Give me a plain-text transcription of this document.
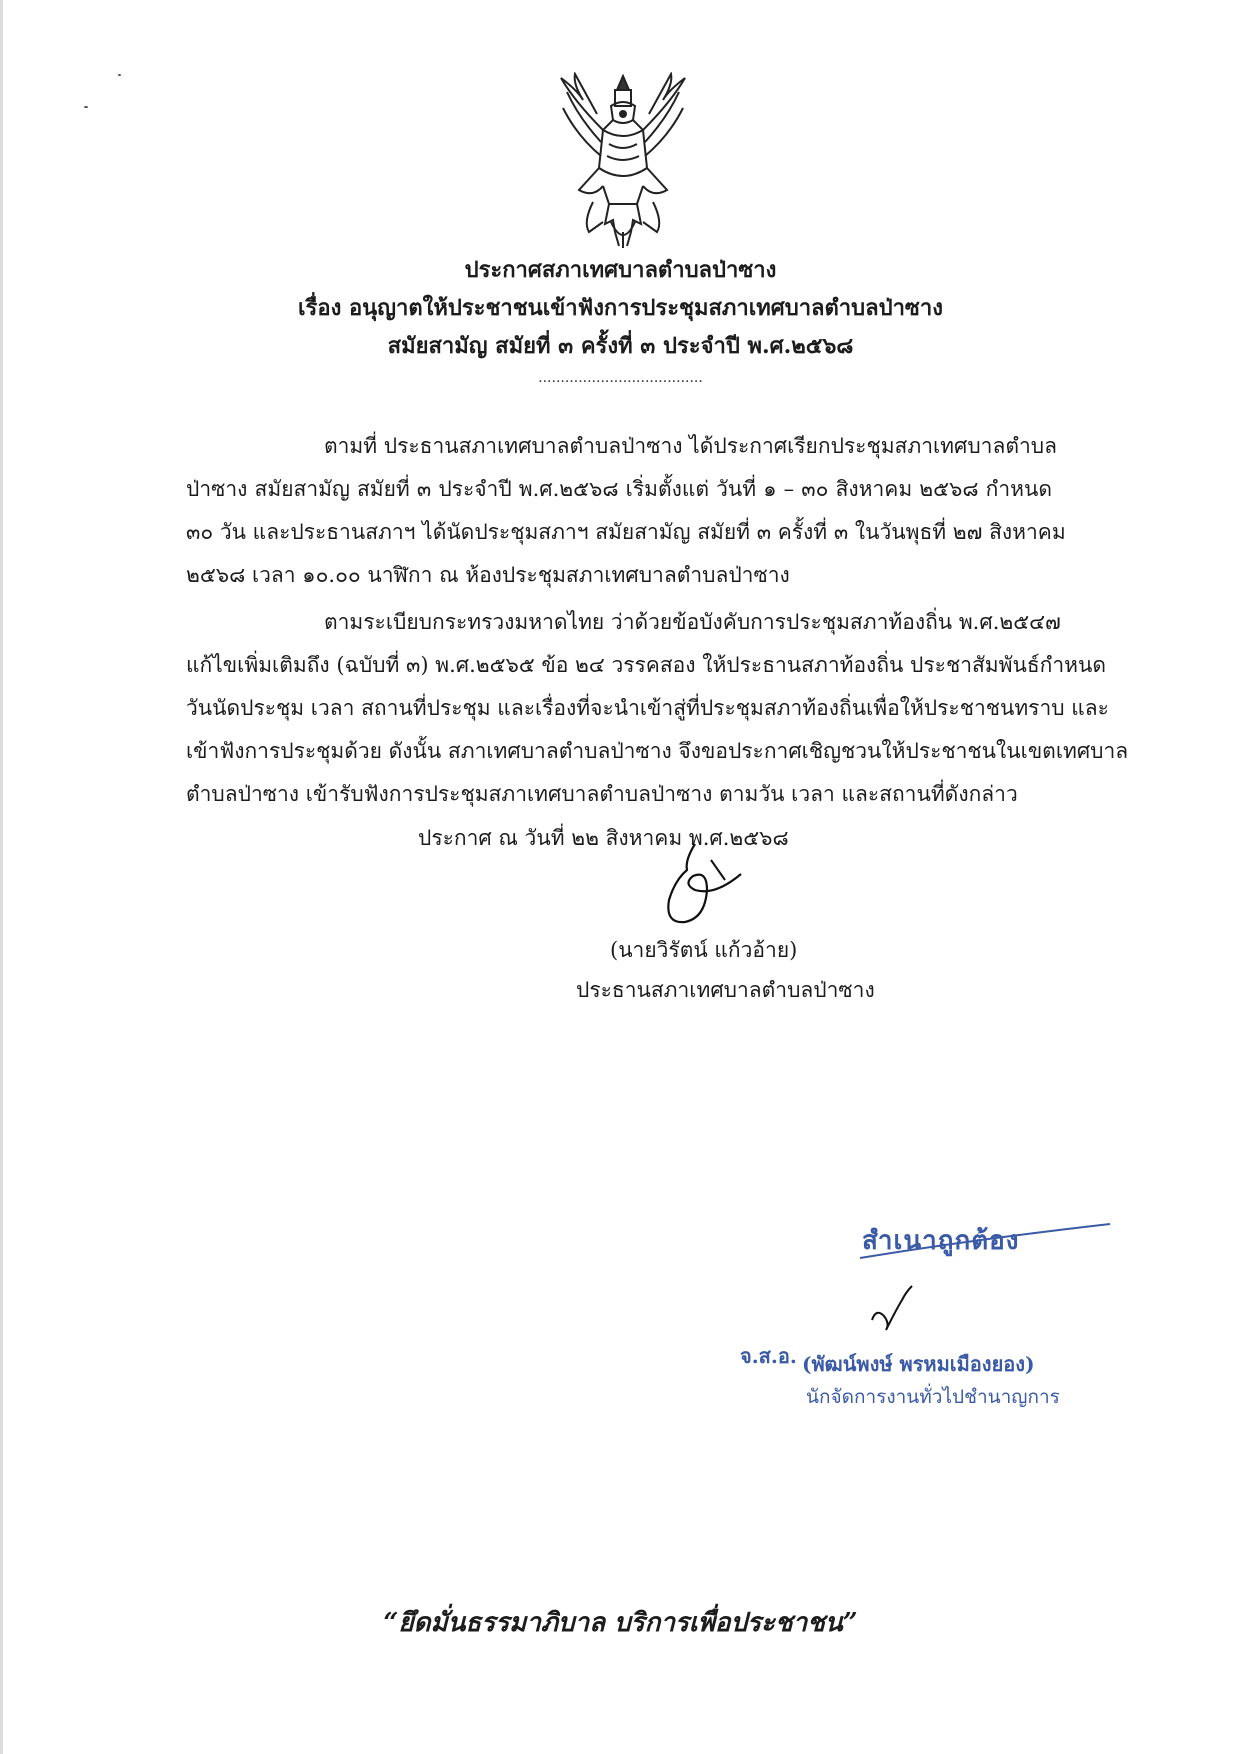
ประกาศสภาเทศบาลตำบลป่าซาง
เรื่อง อนุญาตให้ประชาชนเข้าฟังการประชุมสภาเทศบาลตำบลป่าซาง
สมัยสามัญ สมัยที่ ๓ ครั้งที่ ๓ ประจำปี พ.ศ.๒๕๖๘
.....................................
ตามที่ ประธานสภาเทศบาลตำบลป่าซาง ได้ประกาศเรียกประชุมสภาเทศบาลตำบล
ป่าซาง สมัยสามัญ สมัยที่ ๓ ประจำปี พ.ศ.๒๕๖๘ เริ่มตั้งแต่ วันที่ ๑ – ๓๐ สิงหาคม ๒๕๖๘ กำหนด
๓๐ วัน และประธานสภาฯ ได้นัดประชุมสภาฯ สมัยสามัญ สมัยที่ ๓ ครั้งที่ ๓ ในวันพุธที่ ๒๗ สิงหาคม
๒๕๖๘ เวลา ๑๐.๐๐ นาฬิกา ณ ห้องประชุมสภาเทศบาลตำบลป่าซาง
ตามระเบียบกระทรวงมหาดไทย ว่าด้วยข้อบังคับการประชุมสภาท้องถิ่น พ.ศ.๒๕๔๗
แก้ไขเพิ่มเติมถึง (ฉบับที่ ๓) พ.ศ.๒๕๖๕ ข้อ ๒๔ วรรคสอง ให้ประธานสภาท้องถิ่น ประชาสัมพันธ์กำหนด
วันนัดประชุม เวลา สถานที่ประชุม และเรื่องที่จะนำเข้าสู่ที่ประชุมสภาท้องถิ่นเพื่อให้ประชาชนทราบ และ
เข้าฟังการประชุมด้วย ดังนั้น สภาเทศบาลตำบลป่าซาง จึงขอประกาศเชิญชวนให้ประชาชนในเขตเทศบาล
ตำบลป่าซาง เข้ารับฟังการประชุมสภาเทศบาลตำบลป่าซาง ตามวัน เวลา และสถานที่ดังกล่าว
ประกาศ ณ วันที่ ๒๒ สิงหาคม พ.ศ.๒๕๖๘
(นายวิรัตน์ แก้วอ้าย)
ประธานสภาเทศบาลตำบลป่าซาง
สำเนาถูกต้อง
จ.ส.อ. (พัฒน์พงษ์ พรหมเมืองยอง)
นักจัดการงานทั่วไปชำนาญการ
“ยึดมั่นธรรมาภิบาล บริการเพื่อประชาชน”
